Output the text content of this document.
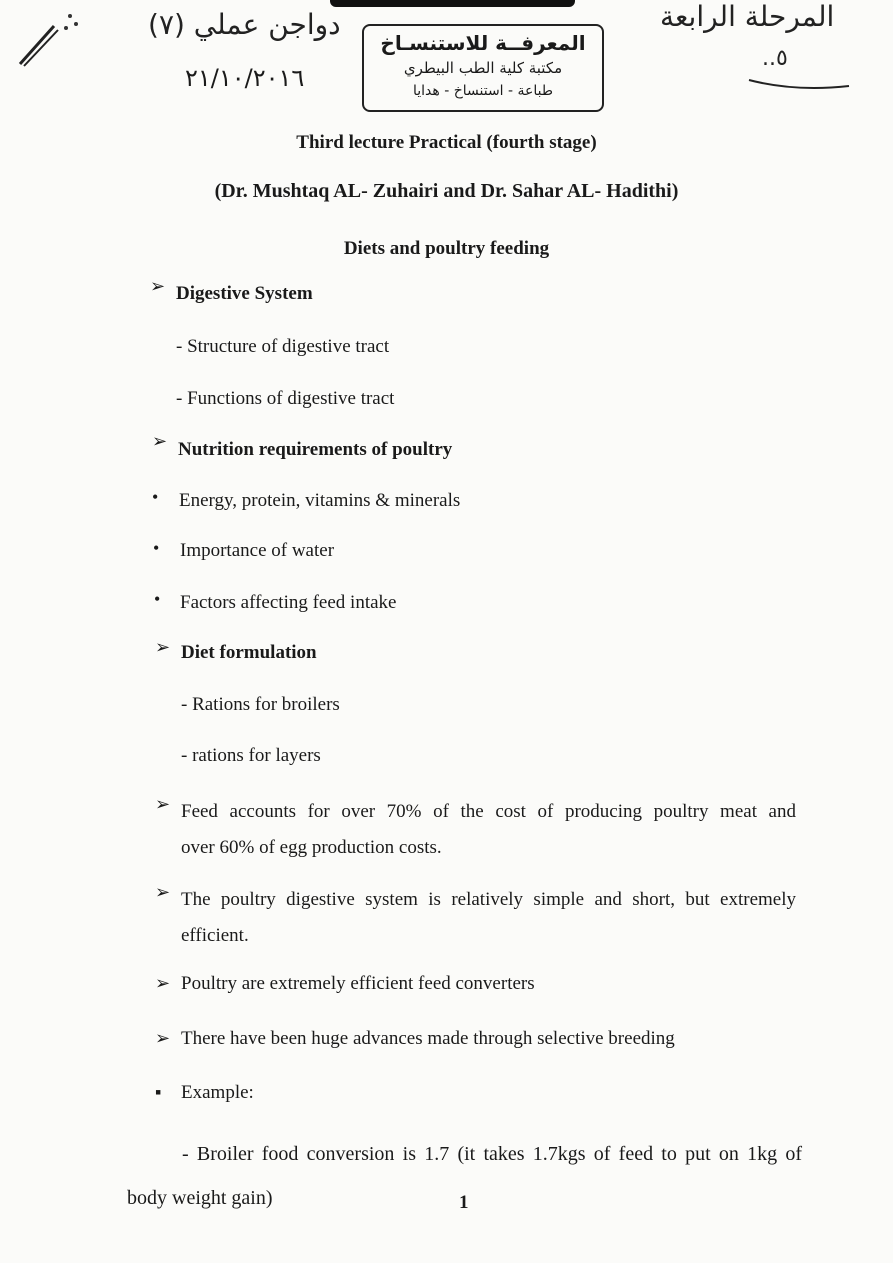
دواجن عملي (٧)
٢١/١٠/٢٠١٦
المرحلة الرابعة
٥..
المعرفــة للاستنسـاخ
مكتبة كلية الطب البيطري
طباعة - استنساخ - هدايا
Third lecture Practical (fourth stage)
(Dr. Mushtaq AL- Zuhairi and Dr. Sahar AL- Hadithi)
Diets and poultry feeding
➢ Digestive System
- Structure of digestive tract
- Functions of digestive tract
➢ Nutrition requirements of poultry
• Energy, protein, vitamins & minerals
• Importance of water
• Factors affecting feed intake
➢ Diet formulation
- Rations for broilers
- rations for layers
➢ Feed accounts for over 70% of the cost of producing poultry meat and
over 60% of egg production costs.
➢ The poultry digestive system is relatively simple and short, but extremely
efficient.
➢ Poultry are extremely efficient feed converters
➢ There have been huge advances made through selective breeding
▪ Example:
- Broiler food conversion is 1.7 (it takes 1.7kgs of feed to put on 1kg of
body weight gain)	1
